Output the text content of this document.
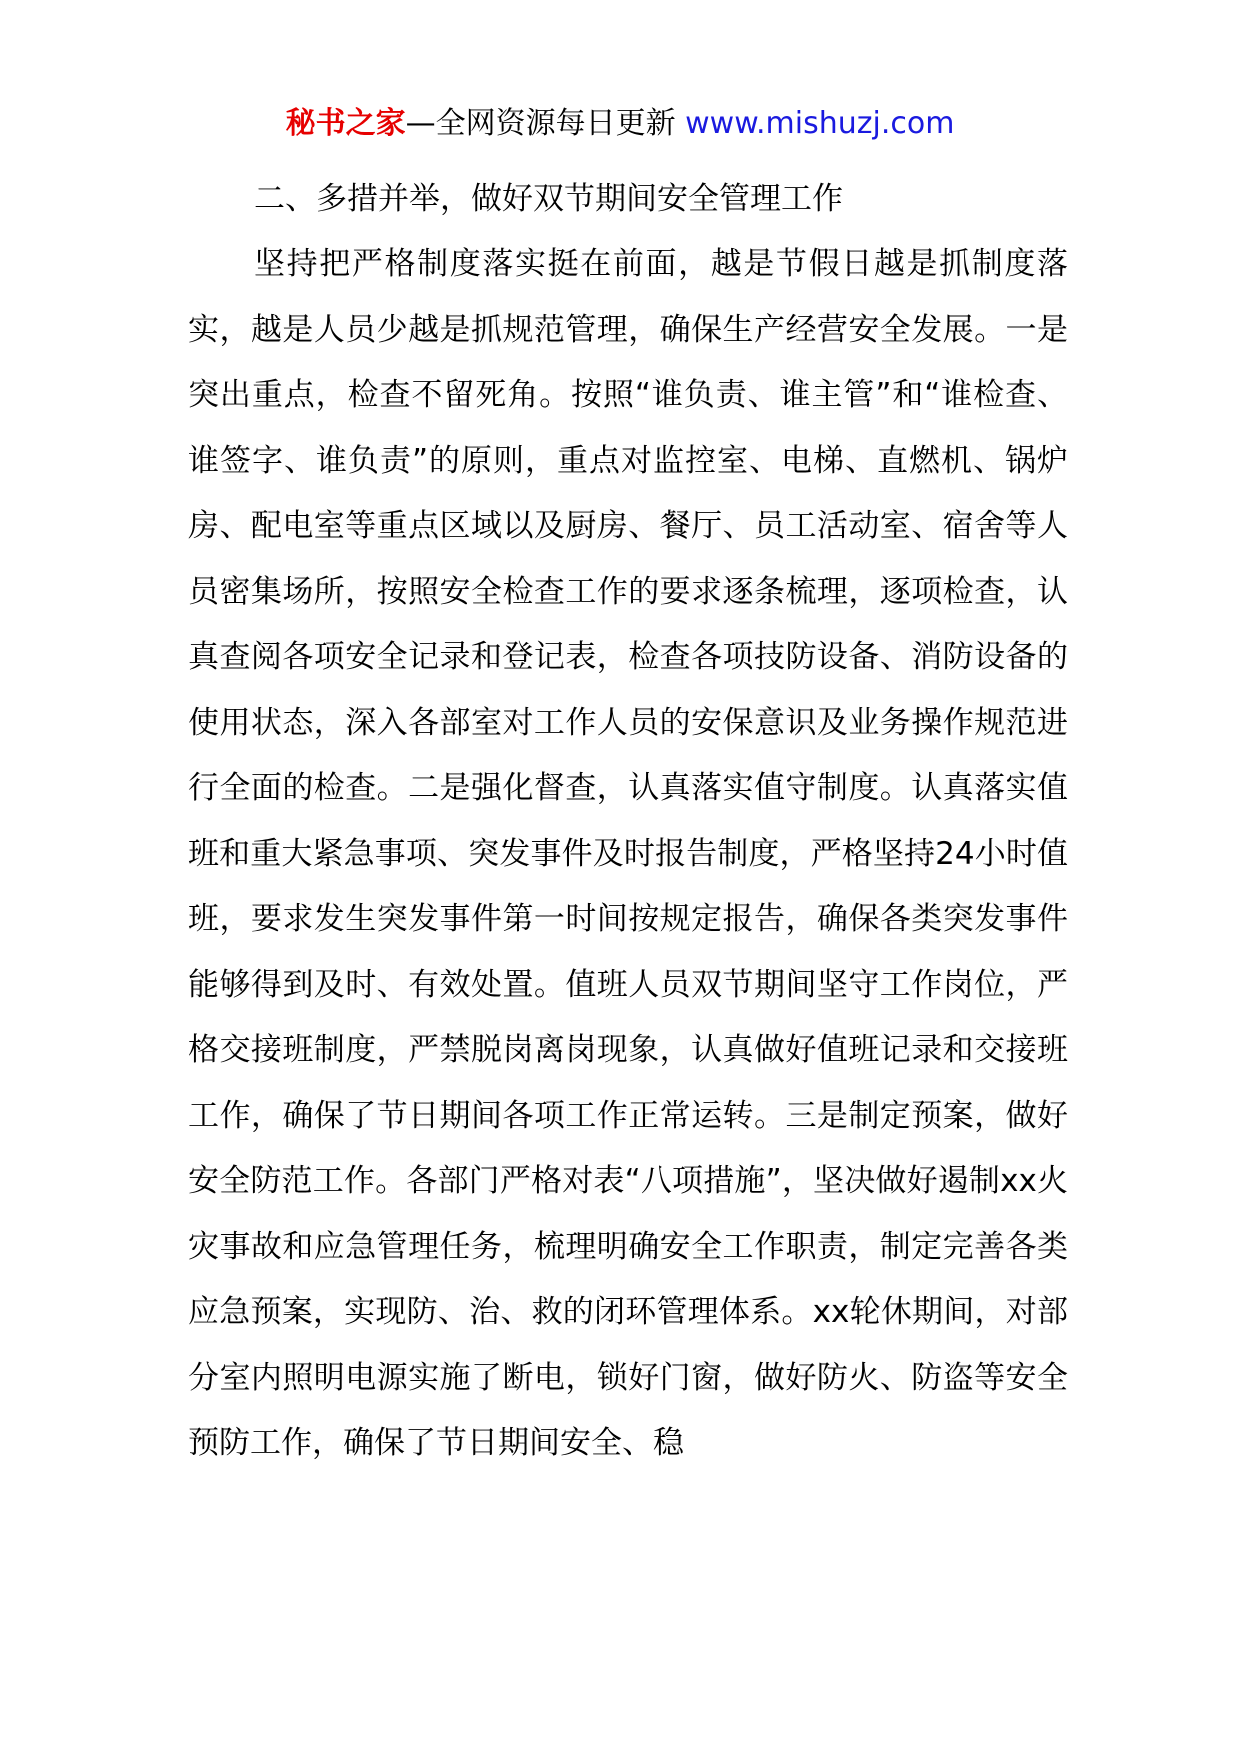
秘书之家—全网资源每日更新 www.mishuzj.com
二、多措并举，做好双节期间安全管理工作

坚持把严格制度落实挺在前面，越是节假日越是抓制度落实，越是人员少越是抓规范管理，确保生产经营安全发展。一是突出重点，检查不留死角。按照“谁负责、谁主管”和“谁检查、谁签字、谁负责”的原则，重点对监控室、电梯、直燃机、锅炉房、配电室等重点区域以及厨房、餐厅、员工活动室、宿舍等人员密集场所，按照安全检查工作的要求逐条梳理，逐项检查，认真查阅各项安全记录和登记表，检查各项技防设备、消防设备的使用状态，深入各部室对工作人员的安保意识及业务操作规范进行全面的检查。二是强化督查，认真落实值守制度。认真落实值班和重大紧急事项、突发事件及时报告制度，严格坚持24小时值班，要求发生突发事件第一时间按规定报告，确保各类突发事件能够得到及时、有效处置。值班人员双节期间坚守工作岗位，严格交接班制度，严禁脱岗离岗现象，认真做好值班记录和交接班工作，确保了节日期间各项工作正常运转。三是制定预案，做好安全防范工作。各部门严格对表“八项措施”，坚决做好遏制xx火灾事故和应急管理任务，梳理明确安全工作职责，制定完善各类应急预案，实现防、治、救的闭环管理体系。xx轮休期间，对部分室内照明电源实施了断电，锁好门窗，做好防火、防盗等安全预防工作，确保了节日期间安全、稳
